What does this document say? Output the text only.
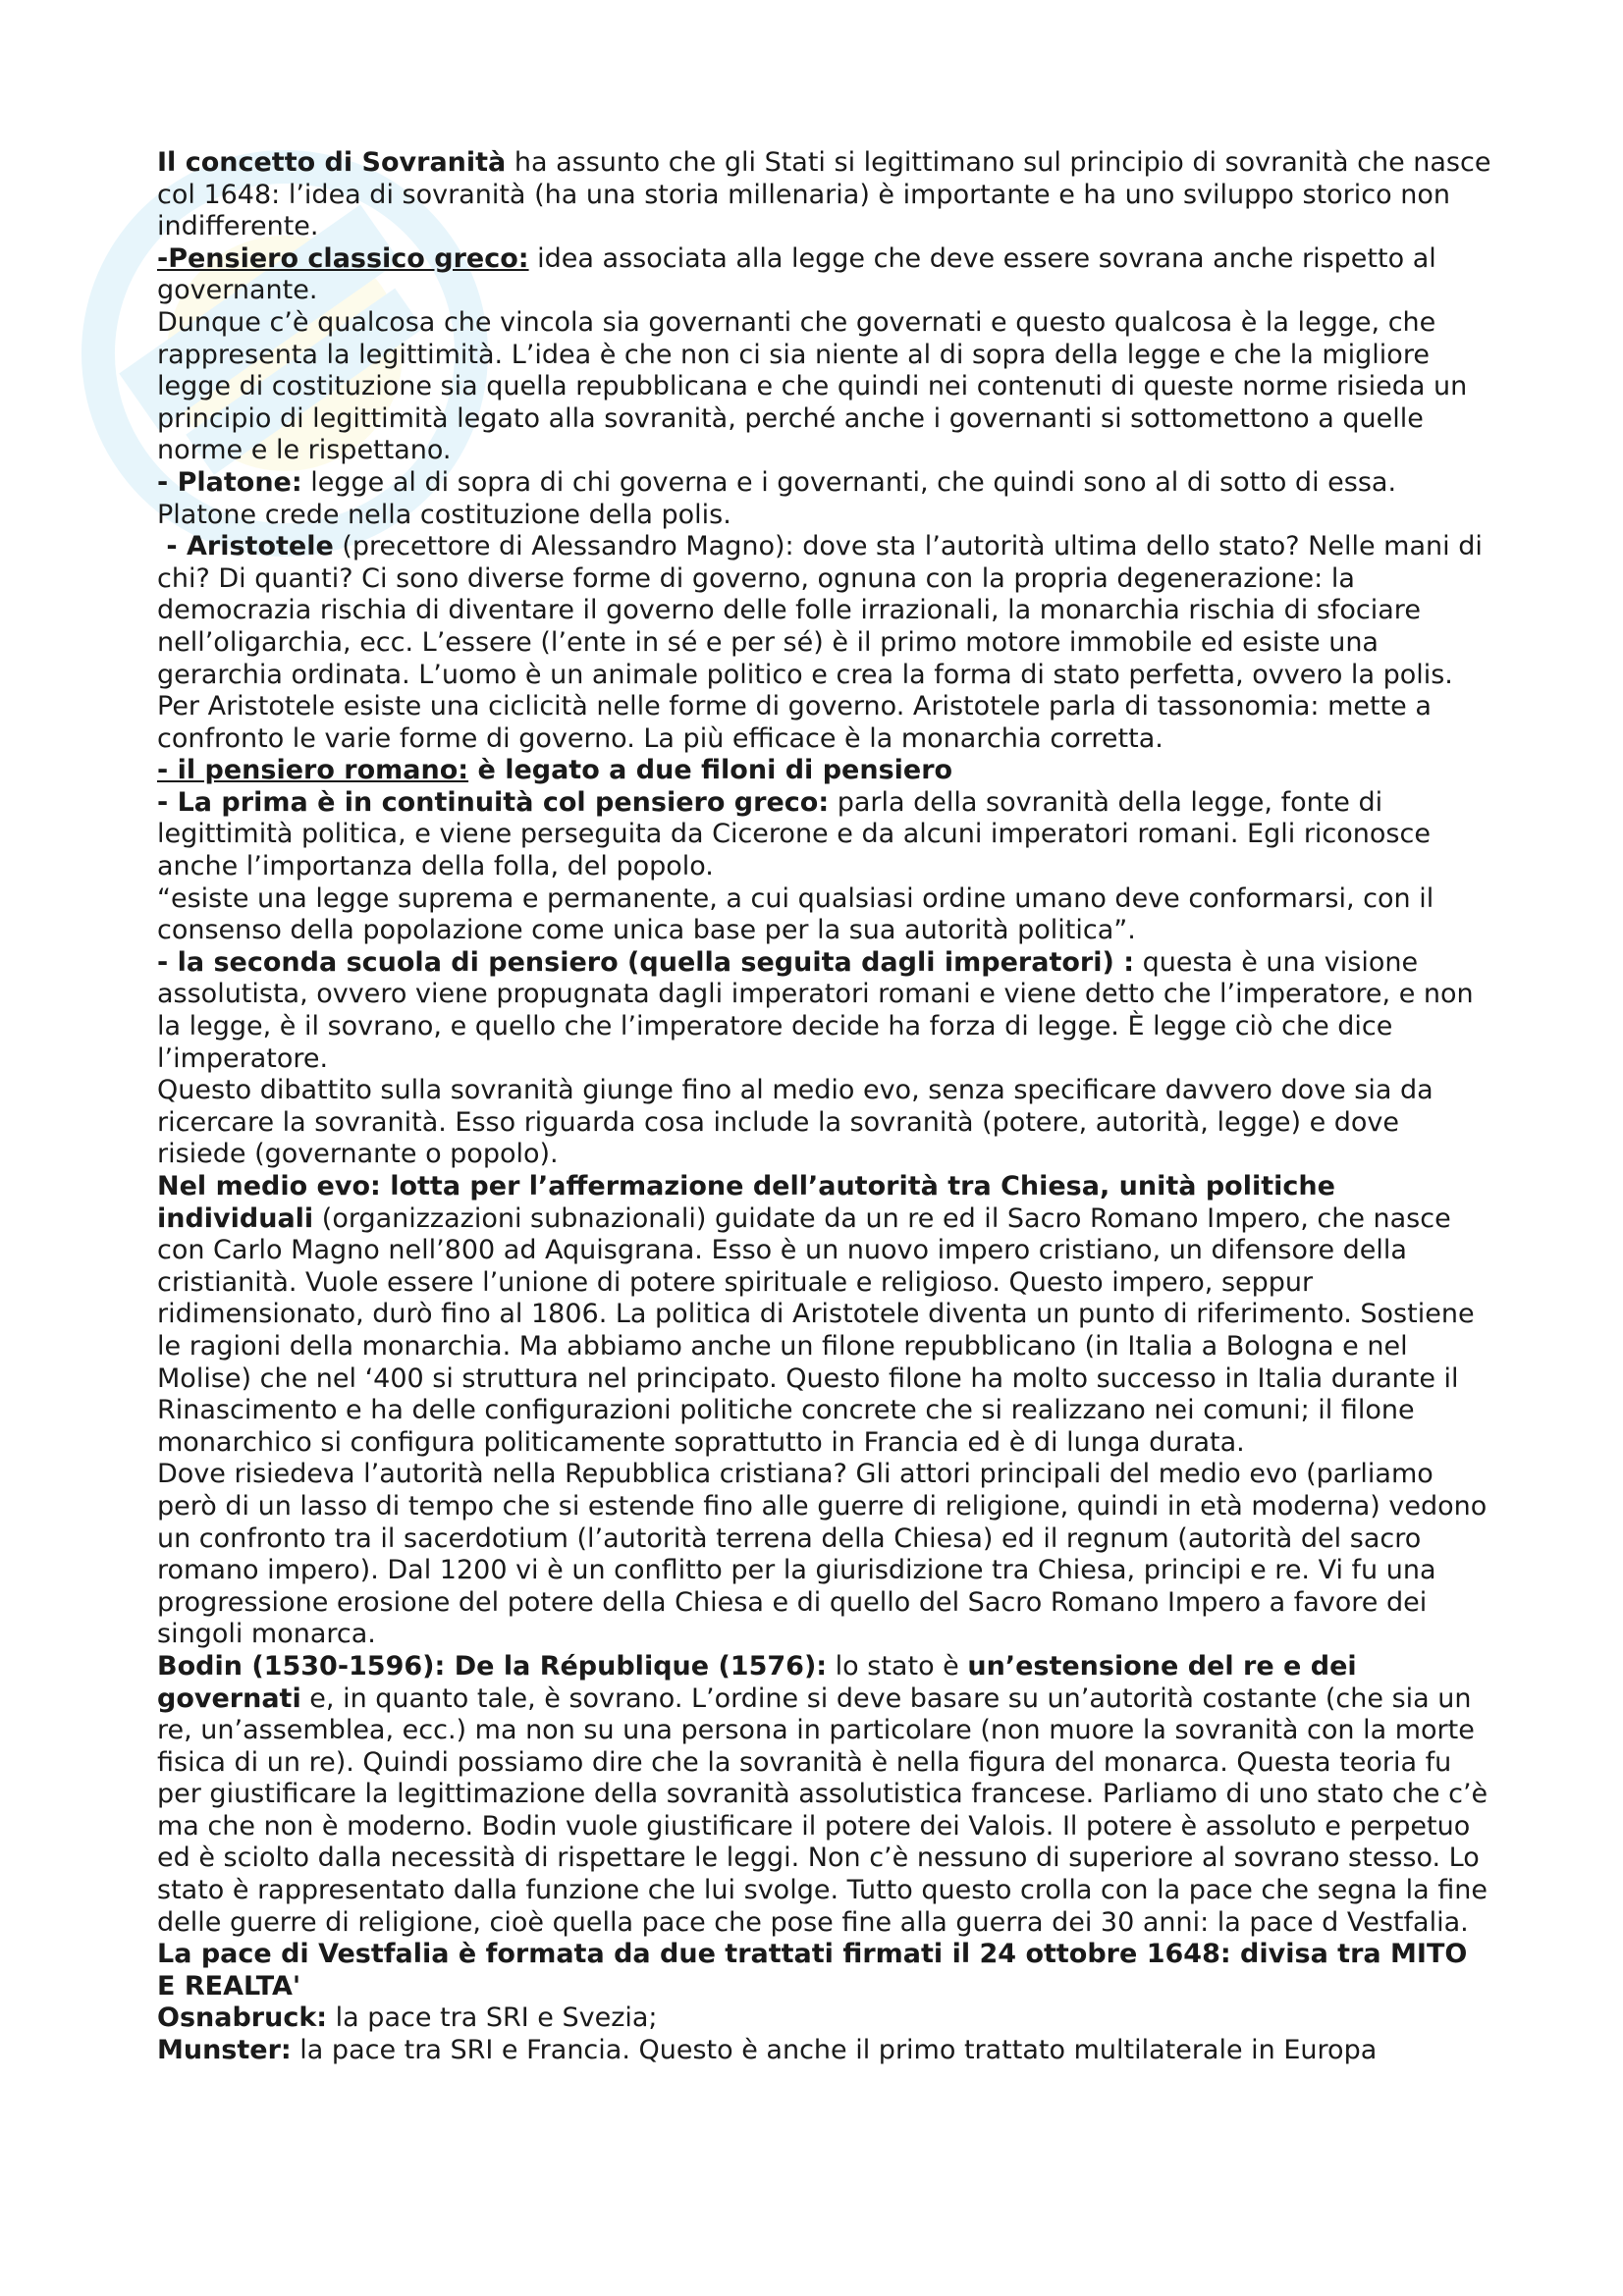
Il concetto di Sovranità ha assunto che gli Stati si legittimano sul principio di sovranità che nasce col 1648: l’idea di sovranità (ha una storia millenaria) è importante e ha uno sviluppo storico non indifferente.

-Pensiero classico greco: idea associata alla legge che deve essere sovrana anche rispetto al governante.

Dunque c’è qualcosa che vincola sia governanti che governati e questo qualcosa è la legge, che rappresenta la legittimità. L’idea è che non ci sia niente al di sopra della legge e che la migliore legge di costituzione sia quella repubblicana e che quindi nei contenuti di queste norme risieda un principio di legittimità legato alla sovranità, perché anche i governanti si sottomettono a quelle norme e le rispettano.

- Platone: legge al di sopra di chi governa e i governanti, che quindi sono al di sotto di essa. Platone crede nella costituzione della polis.

- Aristotele (precettore di Alessandro Magno): dove sta l’autorità ultima dello stato? Nelle mani di chi? Di quanti? Ci sono diverse forme di governo, ognuna con la propria degenerazione: la democrazia rischia di diventare il governo delle folle irrazionali, la monarchia rischia di sfociare nell’oligarchia, ecc. L’essere (l’ente in sé e per sé) è il primo motore immobile ed esiste una gerarchia ordinata. L’uomo è un animale politico e crea la forma di stato perfetta, ovvero la polis. Per Aristotele esiste una ciclicità nelle forme di governo. Aristotele parla di tassonomia: mette a confronto le varie forme di governo. La più efficace è la monarchia corretta.

- il pensiero romano: è legato a due filoni di pensiero

- La prima è in continuità col pensiero greco: parla della sovranità della legge, fonte di legittimità politica, e viene perseguita da Cicerone e da alcuni imperatori romani. Egli riconosce anche l’importanza della folla, del popolo.

“esiste una legge suprema e permanente, a cui qualsiasi ordine umano deve conformarsi, con il consenso della popolazione come unica base per la sua autorità politica”.

- la seconda scuola di pensiero (quella seguita dagli imperatori) : questa è una visione assolutista, ovvero viene propugnata dagli imperatori romani e viene detto che l’imperatore, e non la legge, è il sovrano, e quello che l’imperatore decide ha forza di legge. È legge ciò che dice l’imperatore.

Questo dibattito sulla sovranità giunge fino al medio evo, senza specificare davvero dove sia da ricercare la sovranità. Esso riguarda cosa include la sovranità (potere, autorità, legge) e dove risiede (governante o popolo).

Nel medio evo: lotta per l’affermazione dell’autorità tra Chiesa, unità politiche individuali (organizzazioni subnazionali) guidate da un re ed il Sacro Romano Impero, che nasce con Carlo Magno nell’800 ad Aquisgrana. Esso è un nuovo impero cristiano, un difensore della cristianità. Vuole essere l’unione di potere spirituale e religioso. Questo impero, seppur ridimensionato, durò fino al 1806. La politica di Aristotele diventa un punto di riferimento. Sostiene le ragioni della monarchia. Ma abbiamo anche un filone repubblicano (in Italia a Bologna e nel Molise) che nel ‘400 si struttura nel principato. Questo filone ha molto successo in Italia durante il Rinascimento e ha delle configurazioni politiche concrete che si realizzano nei comuni; il filone monarchico si configura politicamente soprattutto in Francia ed è di lunga durata.

Dove risiedeva l’autorità nella Repubblica cristiana? Gli attori principali del medio evo (parliamo però di un lasso di tempo che si estende fino alle guerre di religione, quindi in età moderna) vedono un confronto tra il sacerdotium (l’autorità terrena della Chiesa) ed il regnum (autorità del sacro romano impero). Dal 1200 vi è un conflitto per la giurisdizione tra Chiesa, principi e re. Vi fu una progressione erosione del potere della Chiesa e di quello del Sacro Romano Impero a favore dei singoli monarca.

Bodin (1530-1596): De la République (1576): lo stato è un’estensione del re e dei governati e, in quanto tale, è sovrano. L’ordine si deve basare su un’autorità costante (che sia un re, un’assemblea, ecc.) ma non su una persona in particolare (non muore la sovranità con la morte fisica di un re). Quindi possiamo dire che la sovranità è nella figura del monarca. Questa teoria fu per giustificare la legittimazione della sovranità assolutistica francese. Parliamo di uno stato che c’è ma che non è moderno. Bodin vuole giustificare il potere dei Valois. Il potere è assoluto e perpetuo ed è sciolto dalla necessità di rispettare le leggi. Non c’è nessuno di superiore al sovrano stesso. Lo stato è rappresentato dalla funzione che lui svolge. Tutto questo crolla con la pace che segna la fine delle guerre di religione, cioè quella pace che pose fine alla guerra dei 30 anni: la pace d Vestfalia.

La pace di Vestfalia è formata da due trattati firmati il 24 ottobre 1648: divisa tra MITO E REALTA'

Osnabruck: la pace tra SRI e Svezia;

Munster: la pace tra SRI e Francia. Questo è anche il primo trattato multilaterale in Europa
